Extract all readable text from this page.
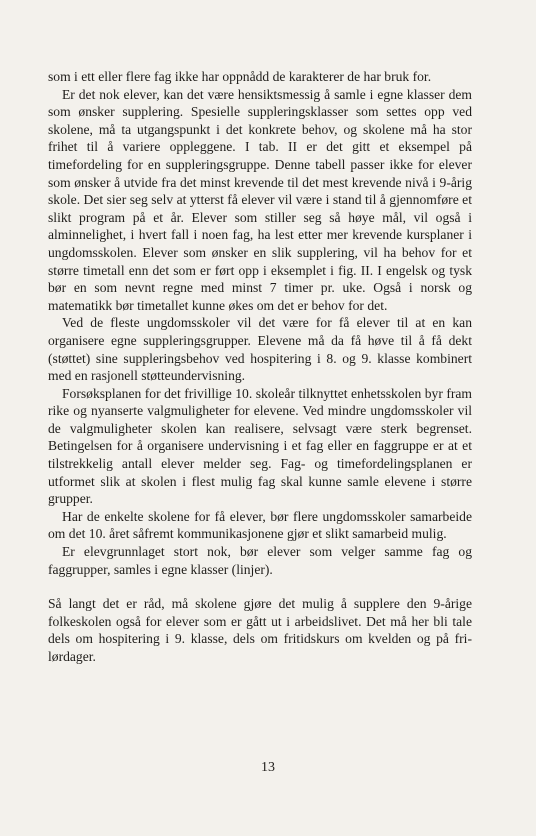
som i ett eller flere fag ikke har oppnådd de karakterer de har bruk for.

Er det nok elever, kan det være hensiktsmessig å samle i egne klasser dem som ønsker supplering. Spesielle suppleringsklasser som settes opp ved skolene, må ta utgangspunkt i det konkrete behov, og skolene må ha stor frihet til å variere oppleggene. I tab. II er det gitt et eksempel på timefordeling for en suppleringsgruppe. Denne tabell passer ikke for elever som ønsker å utvide fra det minst krevende til det mest krevende nivå i 9-årig skole. Det sier seg selv at ytterst få elever vil være i stand til å gjennomføre et slikt program på et år. Elever som stiller seg så høye mål, vil også i alminnelighet, i hvert fall i noen fag, ha lest etter mer krevende kursplaner i ungdomsskolen. Elever som ønsker en slik supplering, vil ha behov for et større timetall enn det som er ført opp i eksemplet i fig. II. I engelsk og tysk bør en som nevnt regne med minst 7 timer pr. uke. Også i norsk og matematikk bør timetallet kunne økes om det er behov for det.

Ved de fleste ungdomsskoler vil det være for få elever til at en kan organisere egne suppleringsgrupper. Elevene må da få høve til å få dekt (støttet) sine suppleringsbehov ved hospitering i 8. og 9. klasse kombinert med en rasjonell støtteundervisning.

Forsøksplanen for det frivillige 10. skoleår tilknyttet enhetsskolen byr fram rike og nyanserte valgmuligheter for elevene. Ved mindre ungdomsskoler vil de valgmuligheter skolen kan realisere, selvsagt være sterk begrenset. Betingelsen for å organisere undervisning i et fag eller en faggruppe er at et tilstrekkelig antall elever melder seg. Fag- og timefordelingsplanen er utformet slik at skolen i flest mulig fag skal kunne samle elevene i større grupper.

Har de enkelte skolene for få elever, bør flere ungdomsskoler samarbeide om det 10. året såfremt kommunikasjonene gjør et slikt samarbeid mulig.

Er elevgrunnlaget stort nok, bør elever som velger samme fag og faggrupper, samles i egne klasser (linjer).

Så langt det er råd, må skolene gjøre det mulig å supplere den 9-årige folkeskolen også for elever som er gått ut i arbeidslivet. Det må her bli tale dels om hospitering i 9. klasse, dels om fritidskurs om kvelden og på fri-lørdager.

13
